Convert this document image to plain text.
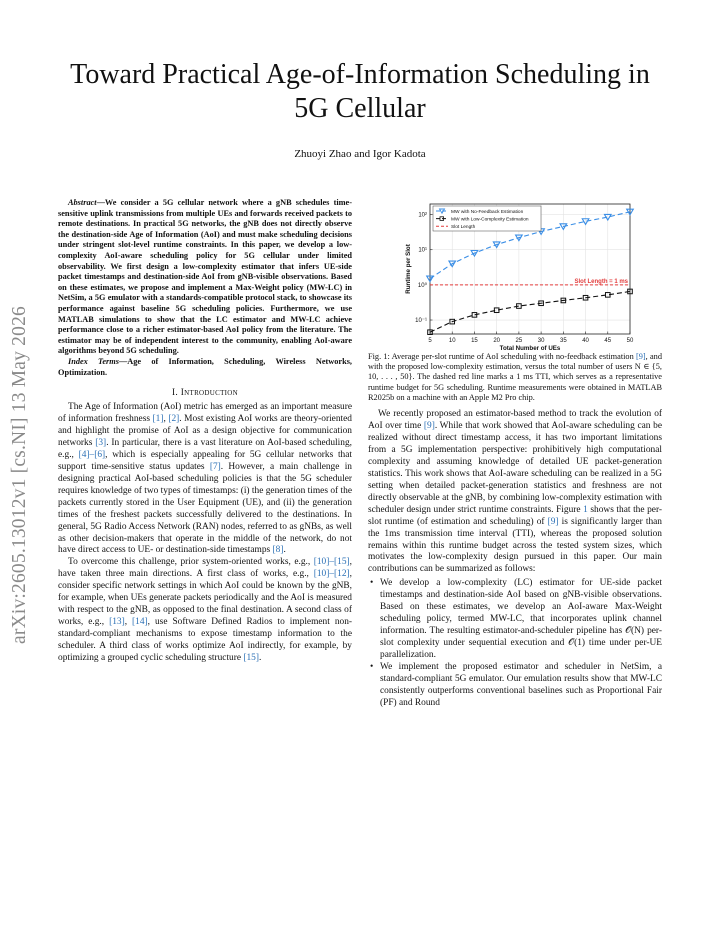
arXiv:2605.13012v1 [cs.NI] 13 May 2026
Toward Practical Age-of-Information Scheduling in 5G Cellular
Zhuoyi Zhao and Igor Kadota

Abstract—We consider a 5G cellular network where a gNB schedules time-sensitive uplink transmissions from multiple UEs and forwards received packets to remote destinations. In practical 5G networks, the gNB does not directly observe the destination-side Age of Information (AoI) and must make scheduling decisions under stringent slot-level runtime constraints. In this paper, we develop a low-complexity AoI-aware scheduling policy for 5G cellular under limited observability. We first design a low-complexity estimator that infers UE-side packet timestamps and destination-side AoI from gNB-visible observations. Based on these estimates, we propose and implement a Max-Weight policy (MW-LC) in NetSim, a 5G emulator with a standards-compatible protocol stack, to showcase its performance against baseline 5G scheduling policies. Furthermore, we use MATLAB simulations to show that the LC estimator and MW-LC achieve performance close to a richer estimator-based AoI policy from the literature. The estimator may be of independent interest to the community, enabling AoI-aware algorithms beyond 5G scheduling.

Index Terms—Age of Information, Scheduling, Wireless Networks, Optimization.

I. Introduction

The Age of Information (AoI) metric has emerged as an important measure of information freshness [1], [2]. Most existing AoI works are theory-oriented and highlight the promise of AoI as a design objective for communication networks [3]. In particular, there is a vast literature on AoI-based scheduling, e.g., [4]–[6], which is especially appealing for 5G cellular networks that support time-sensitive status updates [7]. However, a main challenge in designing practical AoI-based scheduling policies is that the 5G scheduler requires knowledge of two types of timestamps: (i) the generation times of the packets currently stored in the User Equipment (UE), and (ii) the generation times of the freshest packets successfully delivered to the destinations. In general, 5G Radio Access Network (RAN) nodes, referred to as gNBs, as well as other decision-makers that operate in the middle of the network, do not have direct access to UE- or destination-side timestamps [8].

To overcome this challenge, prior system-oriented works, e.g., [10]–[15], have taken three main directions. A first class of works, e.g., [10]–[12], consider specific network settings in which AoI could be known by the gNB, for example, when UEs generate packets periodically and the AoI is measured with respect to the gNB, as opposed to the final destination. A second class of works, e.g., [13], [14], use Software Defined Radios to implement non-standard-compliant mechanisms to expose timestamp information to the scheduler. A third class of works optimize AoI indirectly, for example, by optimizing a grouped cyclic scheduling structure [15].

5	10	15	20	25	30	35	40	45	50
10⁻¹
10⁰
10¹
10²
Total Number of UEs
Runtime per Slot	Slot Length = 1 ms
MW with No-Feedback Estimation
MW with Low-Complexity Estimation
Slot Length

Fig. 1: Average per-slot runtime of AoI scheduling with no-feedback estimation [9], and with the proposed low-complexity estimation, versus the total number of users N ∈ {5, 10, . . . , 50}. The dashed red line marks a 1 ms TTI, which serves as a representative runtime budget for 5G scheduling. Runtime measurements were obtained in MATLAB R2025b on a machine with an Apple M2 Pro chip.

We recently proposed an estimator-based method to track the evolution of AoI over time [9]. While that work showed that AoI-aware scheduling can be realized without direct timestamp access, it has two important limitations from a 5G implementation perspective: prohibitively high computational complexity and assuming knowledge of detailed UE packet-generation statistics. This work shows that AoI-aware scheduling can be realized in a 5G setting when detailed packet-generation statistics and freshness are not directly observable at the gNB, by combining low-complexity estimation with scheduler design under strict runtime constraints. Figure 1 shows that the per-slot runtime (of estimation and scheduling) of [9] is significantly larger than the 1ms transmission time interval (TTI), whereas the proposed solution remains within this runtime budget across the tested system sizes, which motivates the low-complexity design pursued in this paper. Our main contributions can be summarized as follows:

• We develop a low-complexity (LC) estimator for UE-side packet timestamps and destination-side AoI based on gNB-visible observations. Based on these estimates, we develop an AoI-aware Max-Weight scheduling policy, termed MW-LC, that incorporates uplink channel information. The resulting estimator-and-scheduler pipeline has 𝒪(N) per-slot complexity under sequential execution and 𝒪(1) time under per-UE parallelization.
• We implement the proposed estimator and scheduler in NetSim, a standard-compliant 5G emulator. Our emulation results show that MW-LC consistently outperforms conventional baselines such as Proportional Fair (PF) and Round
